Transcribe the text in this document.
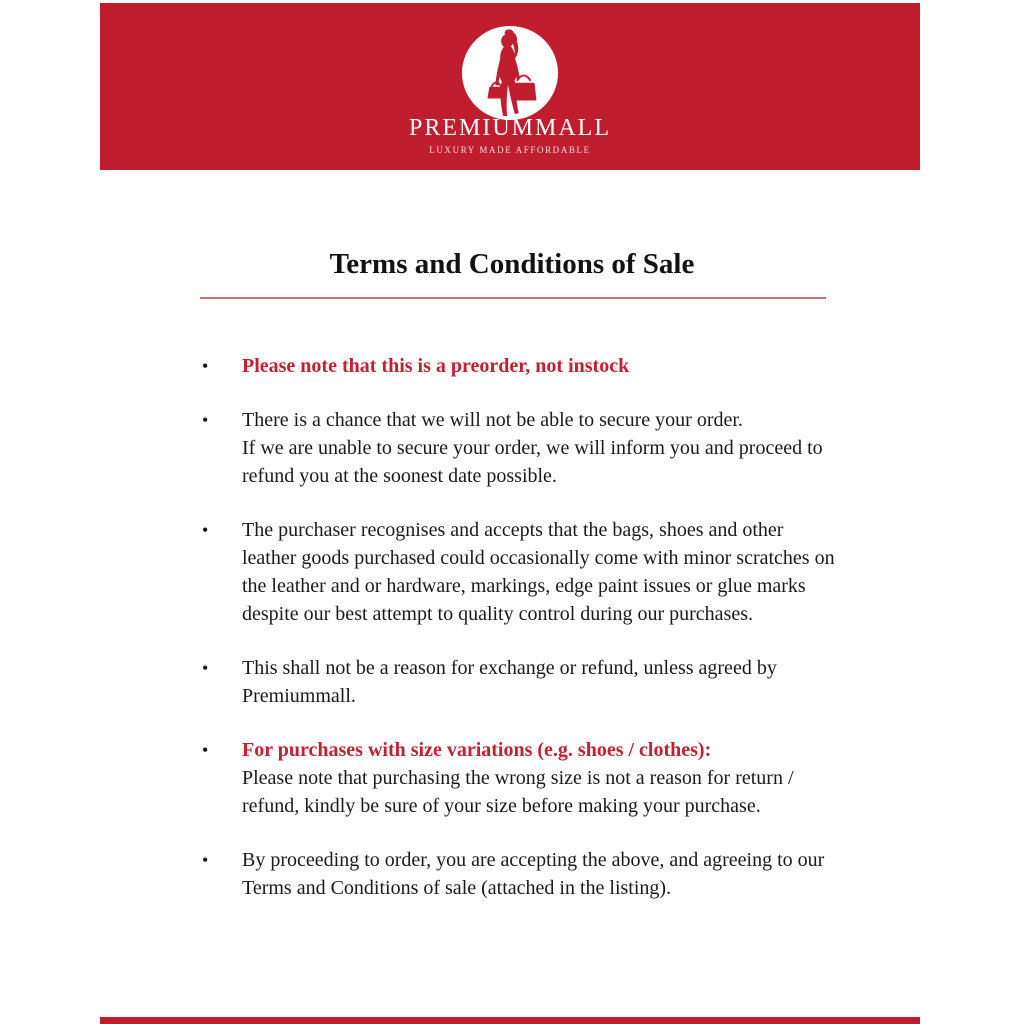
PREMIUMMALL
LUXURY MADE AFFORDABLE
Terms and Conditions of Sale
• Please note that this is a preorder, not instock
• There is a chance that we will not be able to secure your order.
If we are unable to secure your order, we will inform you and proceed to
refund you at the soonest date possible.
• The purchaser recognises and accepts that the bags, shoes and other
leather goods purchased could occasionally come with minor scratches on
the leather and or hardware, markings, edge paint issues or glue marks
despite our best attempt to quality control during our purchases.
• This shall not be a reason for exchange or refund, unless agreed by
Premiummall.
• For purchases with size variations (e.g. shoes / clothes):
Please note that purchasing the wrong size is not a reason for return /
refund, kindly be sure of your size before making your purchase.
• By proceeding to order, you are accepting the above, and agreeing to our
Terms and Conditions of sale (attached in the listing).
